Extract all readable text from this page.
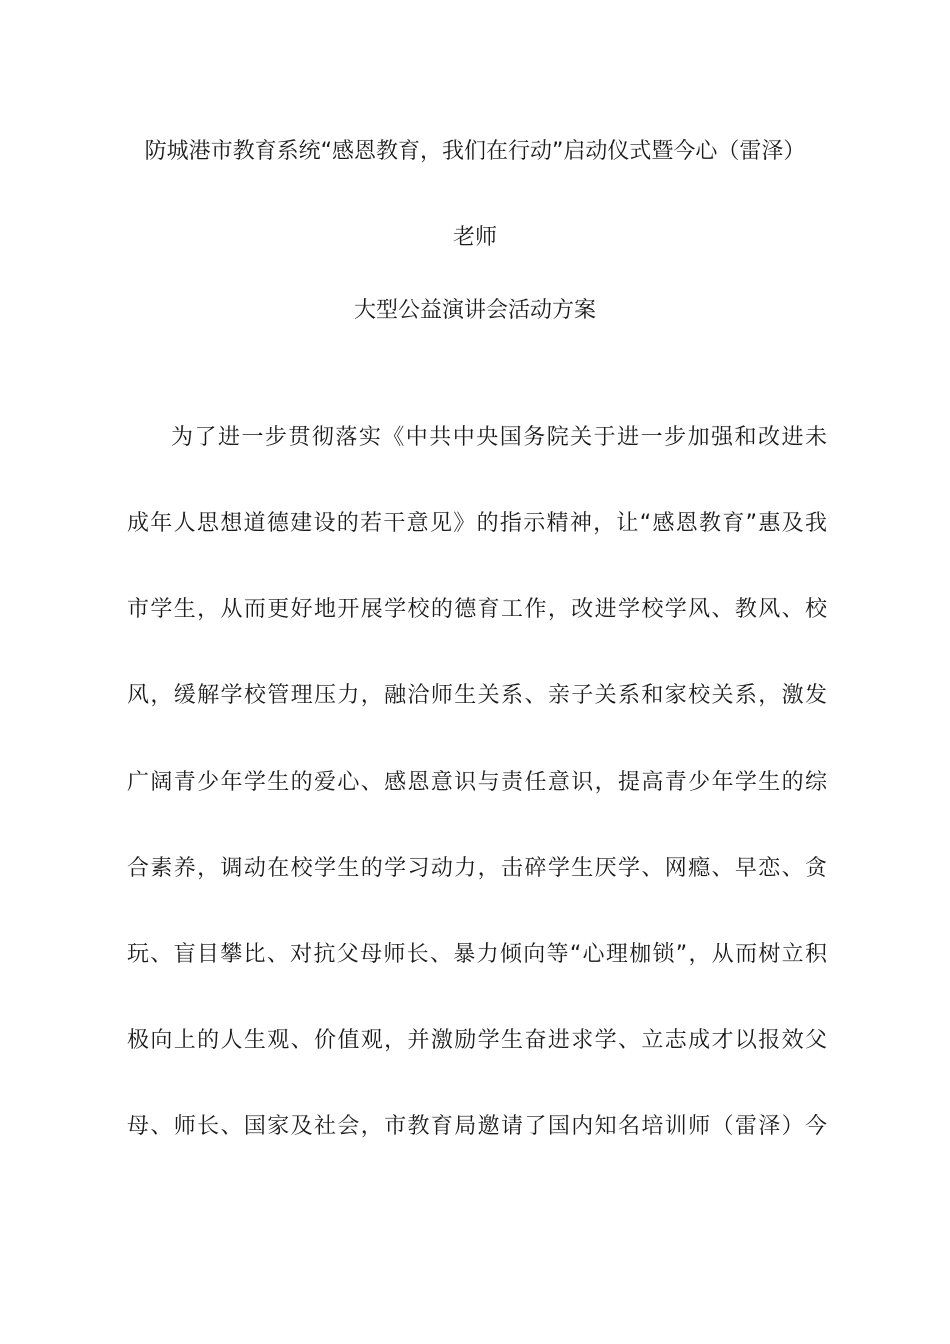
防城港市教育系统“感恩教育，我们在行动”启动仪式暨今心（雷泽）
老师
大型公益演讲会活动方案
为了进一步贯彻落实《中共中央国务院关于进一步加强和改进未
成年人思想道德建设的若干意见》的指示精神，让“感恩教育”惠及我
市学生，从而更好地开展学校的德育工作，改进学校学风、教风、校
风，缓解学校管理压力，融洽师生关系、亲子关系和家校关系，激发
广阔青少年学生的爱心、感恩意识与责任意识，提高青少年学生的综
合素养，调动在校学生的学习动力，击碎学生厌学、网瘾、早恋、贪
玩、盲目攀比、对抗父母师长、暴力倾向等“心理枷锁”，从而树立积
极向上的人生观、价值观，并激励学生奋进求学、立志成才以报效父
母、师长、国家及社会，市教育局邀请了国内知名培训师（雷泽）今
